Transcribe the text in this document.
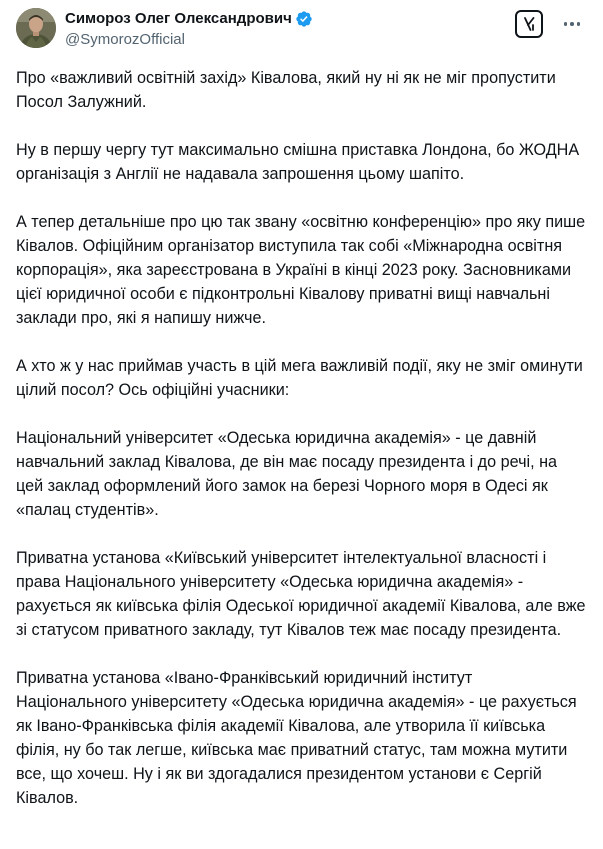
Симороз Олег Олександрович
@SymorozOfficial

Про «важливий освітній захід» Ківалова, який ну ні як не міг пропустити Посол Залужний.

Ну в першу чергу тут максимально смішна приставка Лондона, бо ЖОДНА організація з Англії не надавала запрошення цьому шапіто.

А тепер детальніше про цю так звану «освітню конференцію» про яку пише Ківалов. Офіційним організатор виступила так собі «Міжнародна освітня корпорація», яка зареєстрована в Україні в кінці 2023 року. Засновниками цієї юридичної особи є підконтрольні Ківалову приватні вищі навчальні заклади про, які я напишу нижче.

А хто ж у нас приймав участь в цій мега важливій події, яку не зміг оминути цілий посол? Ось офіційні учасники:

Національний університет «Одеська юридична академія» - це давній навчальний заклад Ківалова, де він має посаду президента і до речі, на цей заклад оформлений його замок на березі Чорного моря в Одесі як «палац студентів».

Приватна установа «Київський університет інтелектуальної власності і права Національного університету «Одеська юридична академія» - рахується як київська філія Одеської юридичної академії Ківалова, але вже зі статусом приватного закладу, тут Ківалов теж має посаду президента.

Приватна установа «Івано-Франківський юридичний інститут Національного університету «Одеська юридична академія» - це рахується як Івано-Франківська філія академії Ківалова, але утворила її київська філія, ну бо так легше, київська має приватний статус, там можна мутити все, що хочеш. Ну і як ви здогадалися президентом установи є Сергій Ківалов.
